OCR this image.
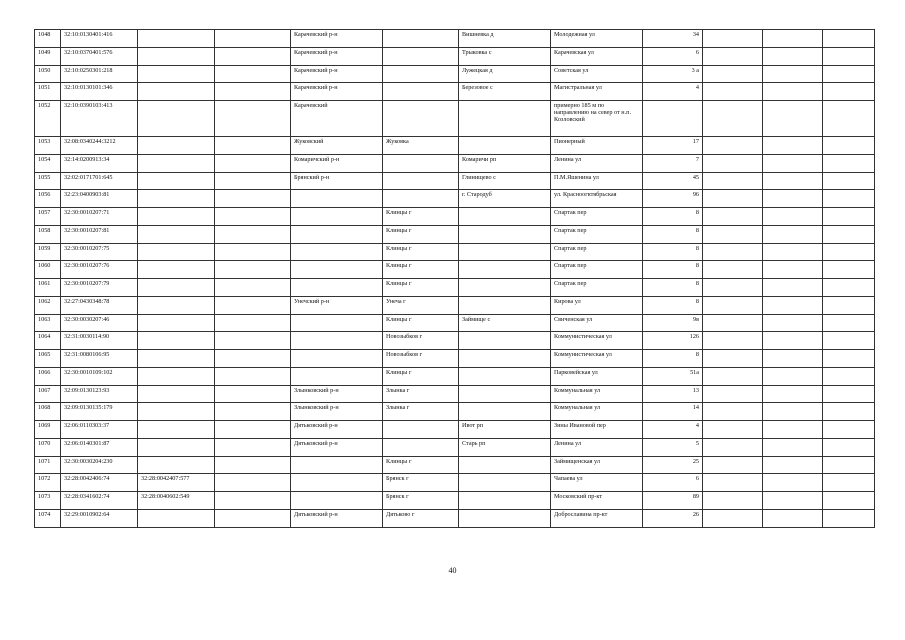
1048	32:10:0130401:416			Карачевский р-н		Вишневка д	Молодежная ул	34			
1049	32:10:0370401:576			Карачевский р-н		Трыковка с	Карачевская ул	6			
1050	32:10:0250301:218			Карачевский р-н		Лужецкая д	Советская ул	3 а			
1051	32:10:0130101:346			Карачевский р-н		Березовое с	Магистральная ул	4			
1052	32:10:0390103:413			Карачевский			примерно 185 м по направлению на север от н.п. Козловский				
1053	32:08:0340244:3212			Жуковский	Жуковка		Пионерный	17			
1054	32:14:0200913:34			Комаричский р-н		Комаричи рп	Ленина ул	7			
1055	32:02:0171701:645			Брянский р-н		Глинищево с	П.М.Яшенина ул	45			
1056	32:23:0400903:81					г. Стародуб	ул. Красноогктябрьская	96			
1057	32:30:0010207:71				Клинцы г		Спартак пер	8			
1058	32:30:0010207:81				Клинцы г		Спартак пер	8			
1059	32:30:0010207:75				Клинцы г		Спартак пер	8			
1060	32:30:0010207:76				Клинцы г		Спартак пер	8			
1061	32:30:0010207:79				Клинцы г		Спартак пер	8			
1062	32:27:0430348:78			Унечский р-н	Унеча г		Кирова ул	8			
1063	32:30:0030207:46				Клинцы г	Займище с	Свиченская ул	9в			
1064	32:31:0030114:90				Новозыбков г		Коммунистическая ул	126			
1065	32:31:0080106:95				Новозыбков г		Коммунистическая ул	8			
1066	32:30:0010109:102				Клинцы г		Парковейская ул	51а			
1067	32:09:0130123:93			Злынковский р-н	Злынка г		Коммунальная ул	13			
1068	32:09:0130135:179			Злынковский р-н	Злынка г		Коммунальная ул	14			
1069	32:06:0110303:37			Дятьковский р-н		Ивот рп	Зины Ивановой пер	4			
1070	32:06:0140301:87			Дятьковский р-н		Старь рп	Ленина ул	5			
1071	32:30:0030204:230				Клинцы г		Займищенская ул	25			
1072	32:28:0042406:74	32:28:0042407:577			Брянск г		Чапаева ул	6			
1073	32:28:0341602:74	32:28:0040602:549			Брянск г		Московский пр-кт	89			
1074	32:29:0010902:64			Дятьковский р-н	Дятьково г		Доброславина пр-кт	26			
40
